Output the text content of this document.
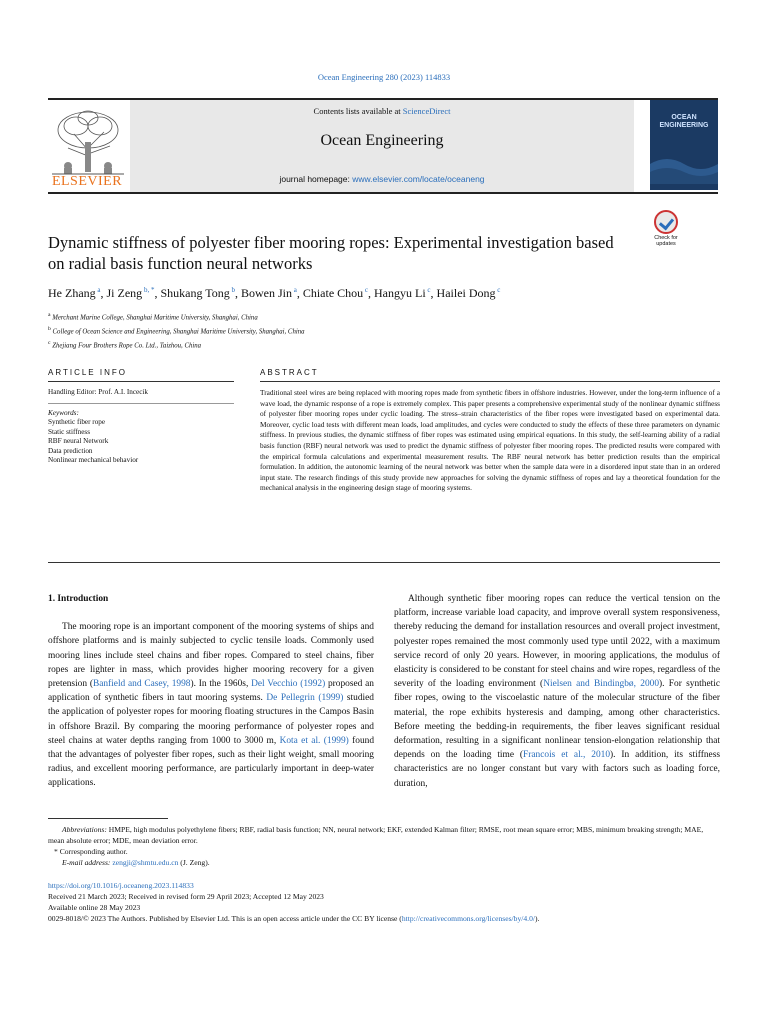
Ocean Engineering 280 (2023) 114833
ELSEVIER
Contents lists available at ScienceDirect
Ocean Engineering
journal homepage: www.elsevier.com/locate/oceaneng
OCEAN ENGINEERING
Check for updates
Dynamic stiffness of polyester fiber mooring ropes: Experimental investigation based on radial basis function neural networks
He Zhang $^a$, Ji Zeng $^{b, *}$, Shukang Tong $^b$, Bowen Jin $^a$, Chiate Chou $^c$, Hangyu Li $^c$, Hailei Dong $^c$
$^a$ Merchant Marine College, Shanghai Maritime University, Shanghai, China
$^b$ College of Ocean Science and Engineering, Shanghai Maritime University, Shanghai, China
$^c$ Zhejiang Four Brothers Rope Co. Ltd., Taizhou, China
ARTICLE INFO
Handling Editor: Prof. A.I. Incecik
Keywords:
Synthetic fiber rope
Static stiffness
RBF neural Network
Data prediction
Nonlinear mechanical behavior
ABSTRACT
Traditional steel wires are being replaced with mooring ropes made from synthetic fibers in offshore industries. However, under the long-term influence of a wave load, the dynamic response of a rope is extremely complex. This paper presents a comprehensive experimental study of the nonlinear dynamic stiffness of polyester fiber mooring ropes under cyclic loading. The stress–strain characteristics of the fiber ropes were investigated based on experimental data. Moreover, cyclic load tests with different mean loads, load amplitudes, and cycles were conducted to study the effects of these three parameters on dynamic stiffness. In previous studies, the dynamic stiffness of fiber ropes was estimated using empirical equations. In this study, the self-learning ability of a radial basis function (RBF) neural network was used to predict the dynamic stiffness of polyester fiber mooring ropes. The predicted results were compared with the empirical formula calculations and experimental measurement results. The RBF neural network has better prediction results than the empirical formulation. In addition, the autonomic learning of the neural network was better when the sample data were in a disordered input state than in an ordered input state. The research findings of this study provide new approaches for solving the dynamic stiffness of ropes and lay a theoretical foundation for the mechanical analysis in the engineering design stage of mooring systems.
1. Introduction

The mooring rope is an important component of the mooring systems of ships and offshore platforms and is mainly subjected to cyclic tensile loads. Commonly used mooring lines include steel chains and fiber ropes. Compared to steel chains, fiber ropes are lighter in mass, which provides higher mooring recovery for a given pretension (Banfield and Casey, 1998). In the 1960s, Del Vecchio (1992) proposed an application of synthetic fibers in taut mooring systems. De Pellegrin (1999) studied the application of polyester ropes for mooring floating structures in the Campos Basin in offshore Brazil. By comparing the mooring performance of polyester ropes and steel chains at water depths ranging from 1000 to 3000 m, Kota et al. (1999) found that the advantages of polyester fiber ropes, such as their light weight, small mooring radius, and excellent mooring performance, are particularly important in deep-water applications.

Although synthetic fiber mooring ropes can reduce the vertical tension on the platform, increase variable load capacity, and improve overall system responsiveness, thereby reducing the demand for installation resources and overall project investment, polyester ropes remained the most commonly used type until 2022, with a maximum service record of only 20 years. However, in mooring applications, the modulus of elasticity is considered to be constant for steel chains and wire ropes, regardless of the severity of the loading environment (Nielsen and Bindingbø, 2000). For synthetic fiber ropes, owing to the viscoelastic nature of the molecular structure of the fiber material, the rope exhibits hysteresis and damping, among other characteristics. Before meeting the bedding-in requirements, the fiber leaves significant residual deformation, resulting in a significant nonlinear tension-elongation relationship that depends on the loading time (Francois et al., 2010). In addition, its stiffness characteristics are no longer constant but vary with factors such as loading force, duration,

Abbreviations: HMPE, high modulus polyethylene fibers; RBF, radial basis function; NN, neural network; EKF, extended Kalman filter; RMSE, root mean square error; MBS, minimum breaking strength; MAE, mean absolute error; MDE, mean deviation error.

* Corresponding author.

E-mail address: zengji@shmtu.edu.cn (J. Zeng).

https://doi.org/10.1016/j.oceaneng.2023.114833

Received 21 March 2023; Received in revised form 29 April 2023; Accepted 12 May 2023

Available online 28 May 2023

0029-8018/© 2023 The Authors. Published by Elsevier Ltd. This is an open access article under the CC BY license (http://creativecommons.org/licenses/by/4.0/).
